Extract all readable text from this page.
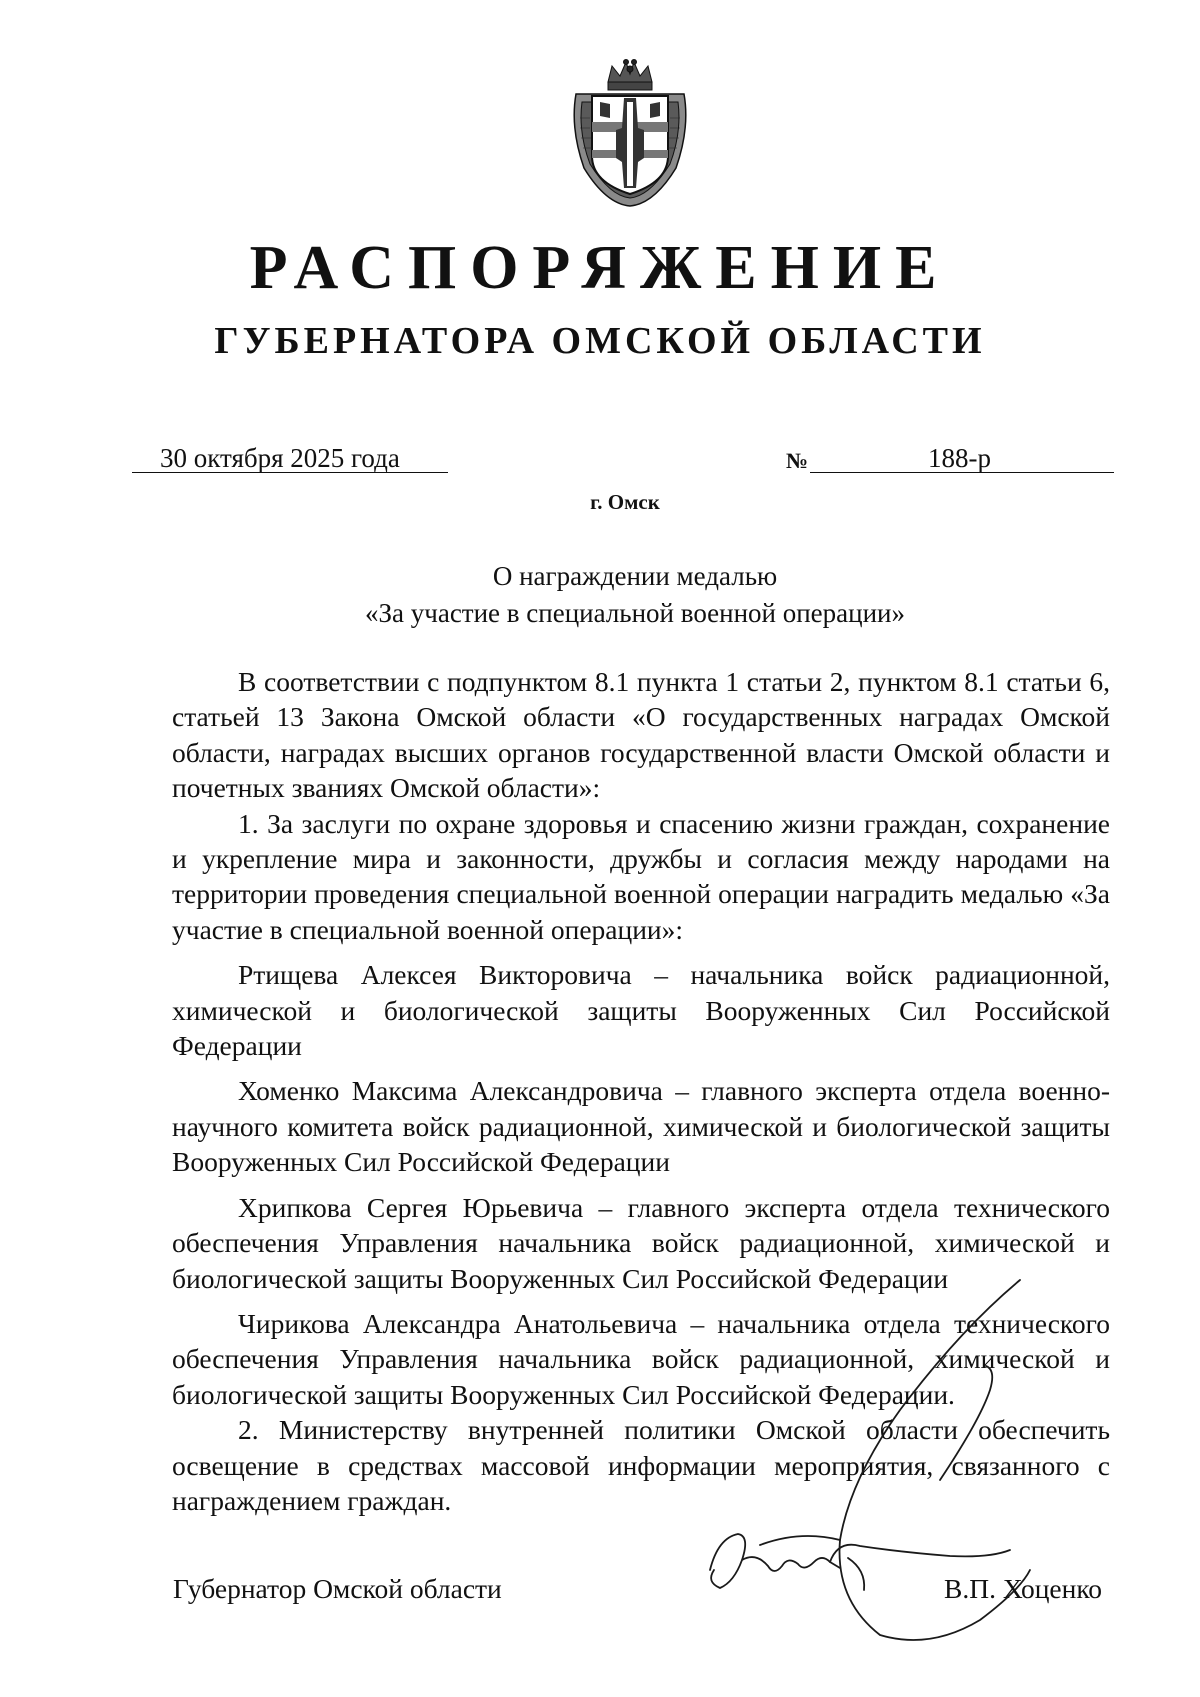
РАСПОРЯЖЕНИЕ
ГУБЕРНАТОРА ОМСКОЙ ОБЛАСТИ
30 октября 2025 года	№	188-р
г. Омск
О награждении медалью
«За участие в специальной военной операции»

В соответствии с подпунктом 8.1 пункта 1 статьи 2, пунктом 8.1 статьи 6, статьей 13 Закона Омской области «О государственных наградах Омской области, наградах высших органов государственной власти Омской области и почетных званиях Омской области»:

1. За заслуги по охране здоровья и спасению жизни граждан, сохранение и укрепление мира и законности, дружбы и согласия между народами на территории проведения специальной военной операции наградить медалью «За участие в специальной военной операции»:

Ртищева Алексея Викторовича – начальника войск радиационной, химической и биологической защиты Вооруженных Сил Российской Федерации

Хоменко Максима Александровича – главного эксперта отдела военно-научного комитета войск радиационной, химической и биологической защиты Вооруженных Сил Российской Федерации

Хрипкова Сергея Юрьевича – главного эксперта отдела технического обеспечения Управления начальника войск радиационной, химической и биологической защиты Вооруженных Сил Российской Федерации

Чирикова Александра Анатольевича – начальника отдела технического обеспечения Управления начальника войск радиационной, химической и биологической защиты Вооруженных Сил Российской Федерации.

2. Министерству внутренней политики Омской области обеспечить освещение в средствах массовой информации мероприятия, связанного с награждением граждан.

Губернатор Омской области	В.П. Хоценко
